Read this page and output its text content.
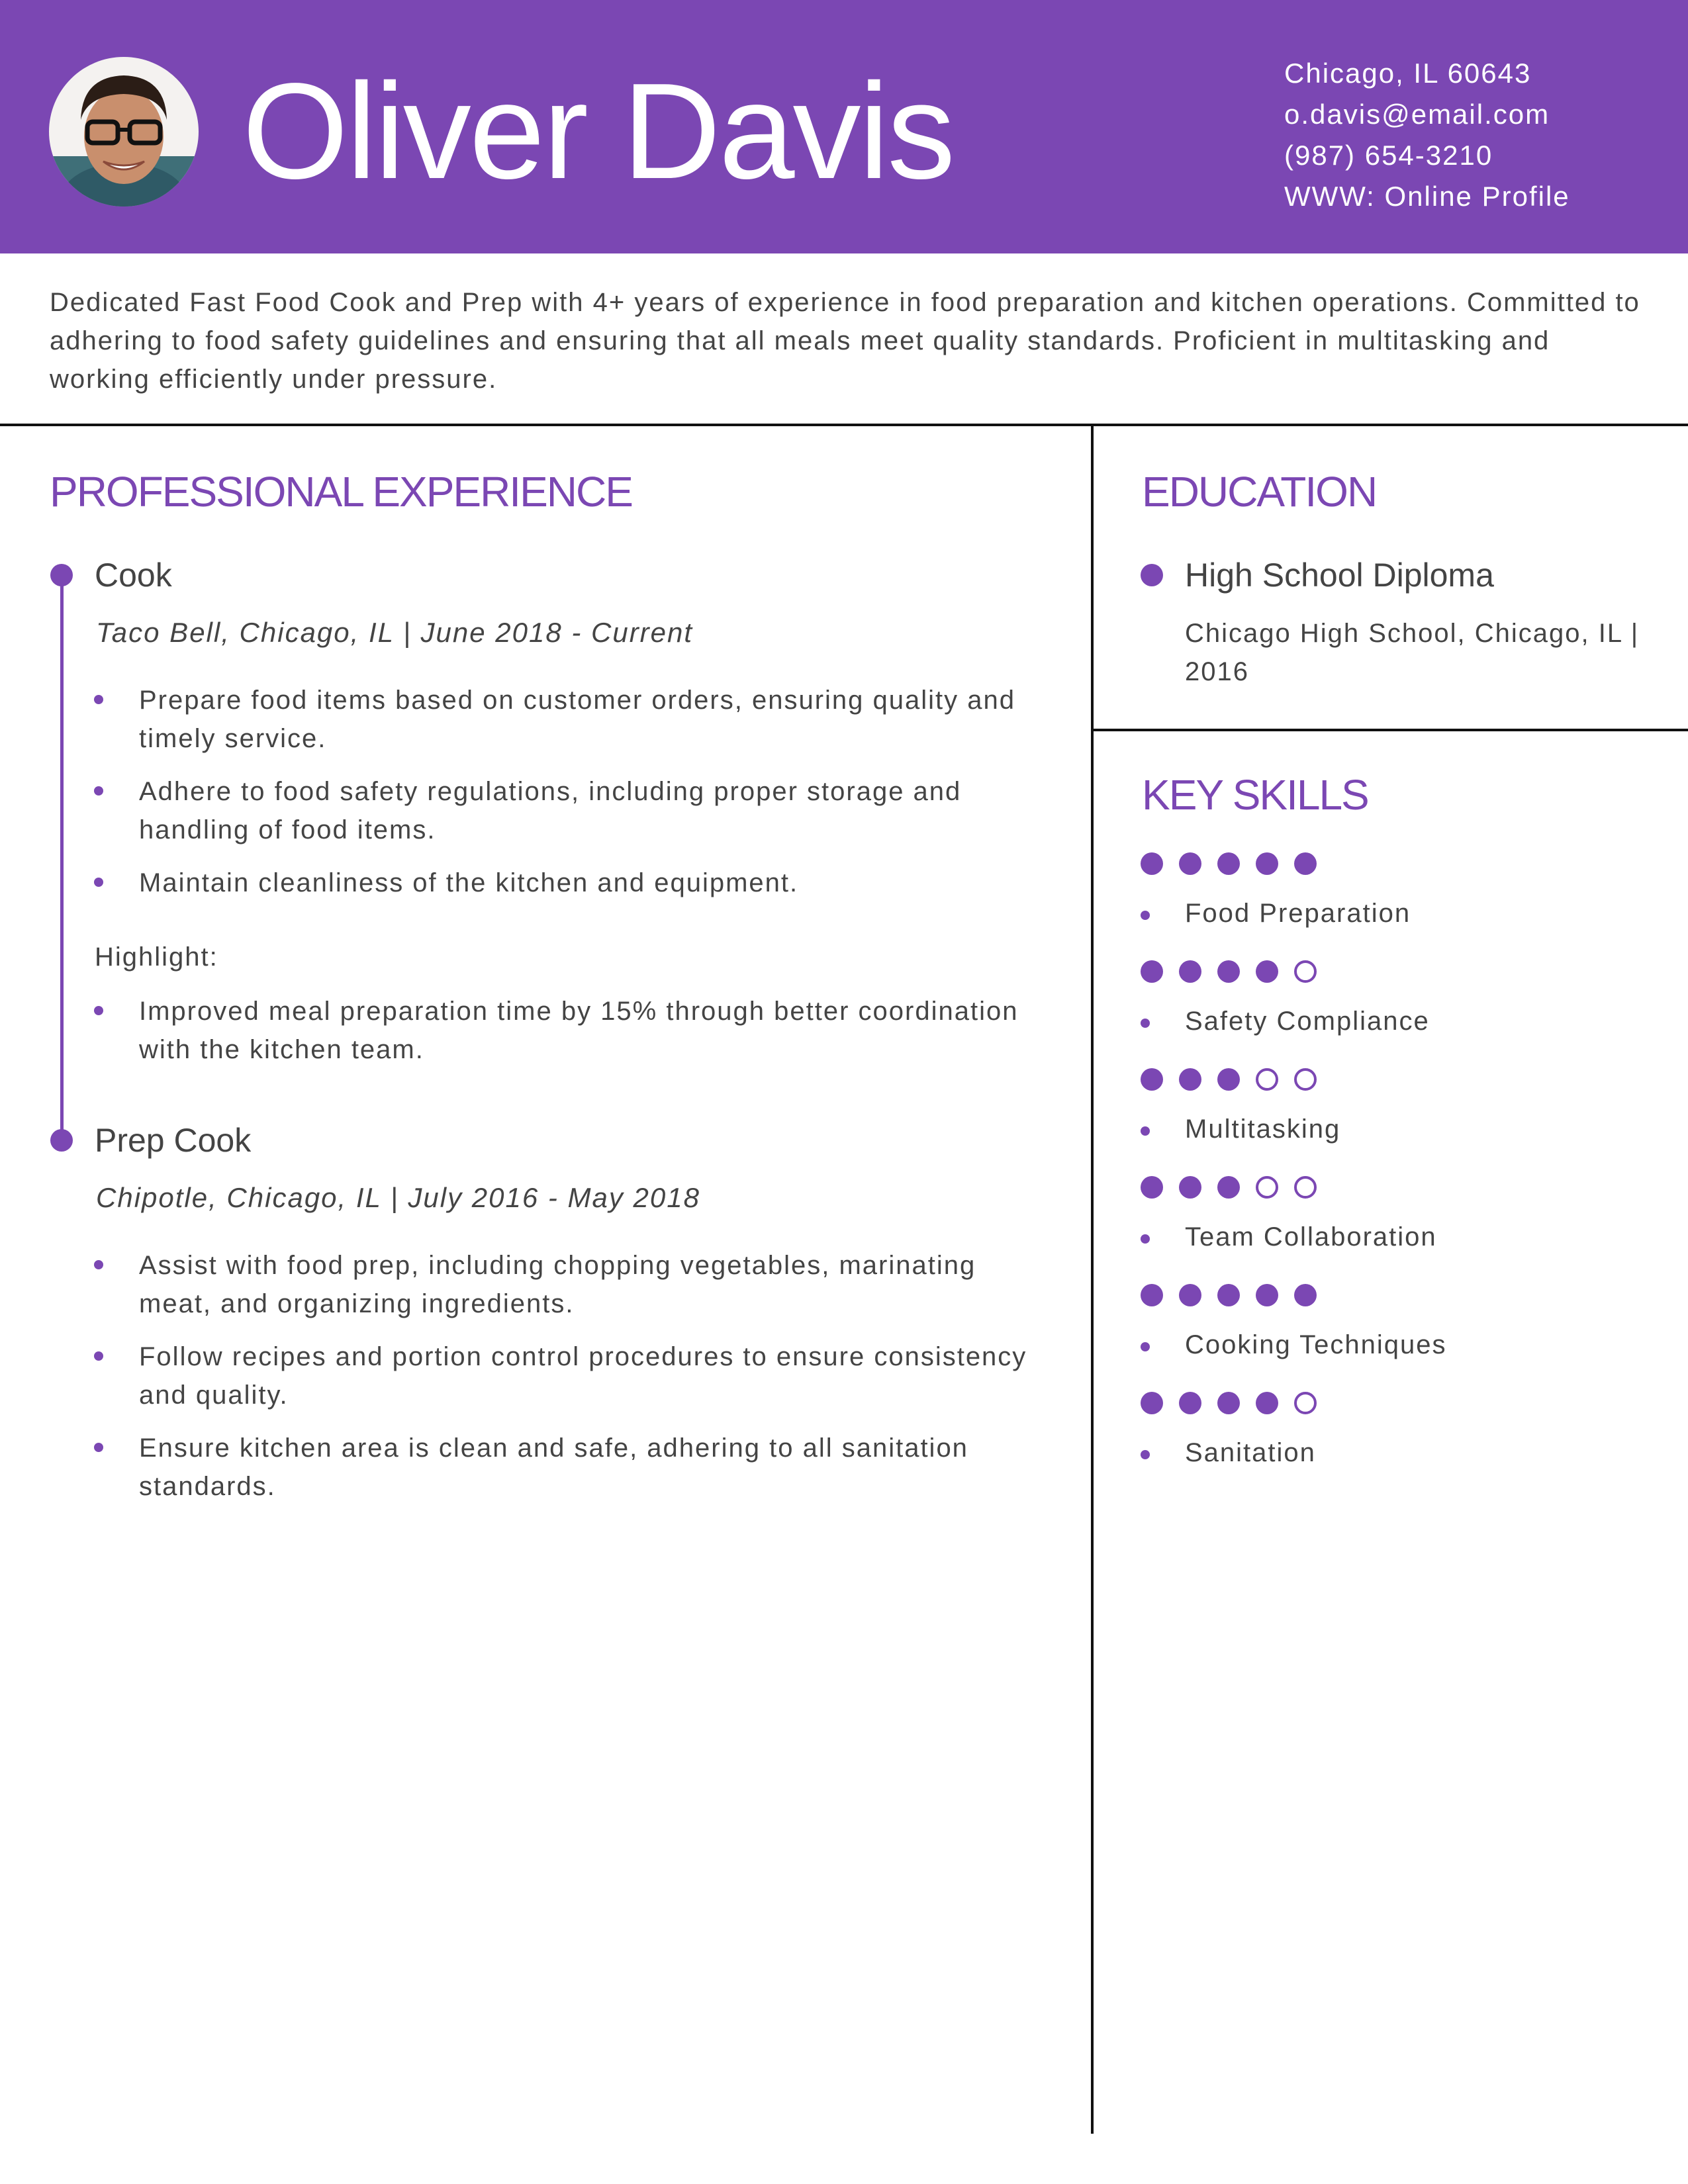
Oliver Davis	Chicago, IL 60643
o.davis@email.com
(987) 654-3210
WWW: Online Profile
Dedicated Fast Food Cook and Prep with 4+ years of experience in food preparation and kitchen operations. Committed to adhering to food safety guidelines and ensuring that all meals meet quality standards. Proficient in multitasking and working efficiently under pressure.
PROFESSIONAL EXPERIENCE
Cook
Taco Bell, Chicago, IL | June 2018 - Current
Prepare food items based on customer orders, ensuring quality and timely service.
Adhere to food safety regulations, including proper storage and handling of food items.
Maintain cleanliness of the kitchen and equipment.
Highlight:
Improved meal preparation time by 15% through better coordination with the kitchen team.
Prep Cook
Chipotle, Chicago, IL | July 2016 - May 2018
Assist with food prep, including chopping vegetables, marinating meat, and organizing ingredients.
Follow recipes and portion control procedures to ensure consistency and quality.
Ensure kitchen area is clean and safe, adhering to all sanitation standards.
EDUCATION
High School Diploma
Chicago High School, Chicago, IL | 2016
KEY SKILLS
Food Preparation
Safety Compliance
Multitasking
Team Collaboration
Cooking Techniques
Sanitation
